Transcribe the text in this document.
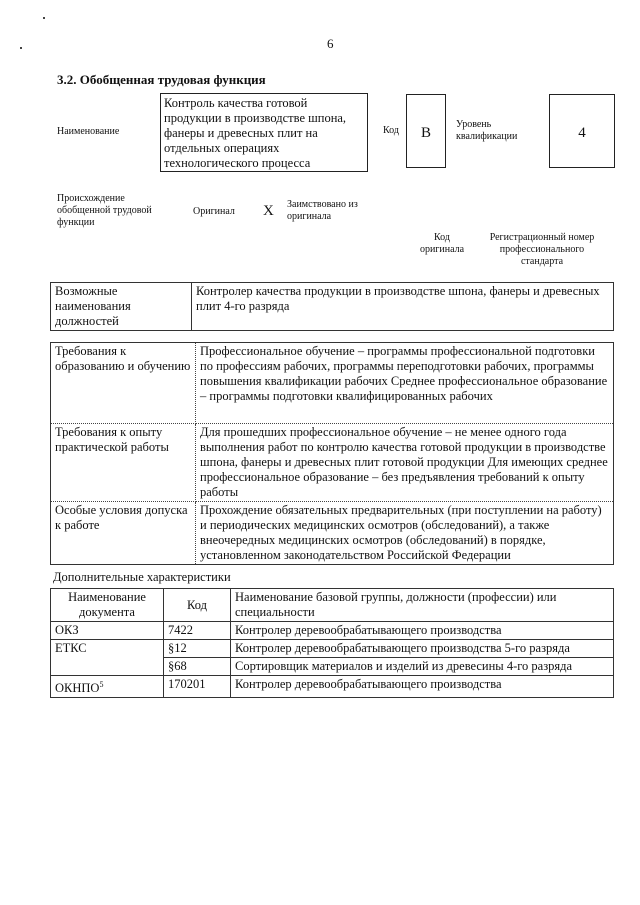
6
3.2. Обобщенная трудовая функция
Наименование
Контроль качества готовой продукции в производстве шпона, фанеры и древесных плит на отдельных операциях технологического процесса
Код	B
Уровень квалификации	4
Происхождение обобщенной трудовой функции
Оригинал X Заимствовано из оригинала
Код оригинала
Регистрационный номер профессионального стандарта
Возможные наименования должностей	Контролер качества продукции в производстве шпона, фанеры и древесных плит 4-го разряда
Требования к образованию и обучению	Профессиональное обучение – программы профессиональной подготовки по профессиям рабочих, программы переподготовки рабочих, программы повышения квалификации рабочих Среднее профессиональное образование – программы подготовки квалифицированных рабочих
Требования к опыту практической работы	Для прошедших профессиональное обучение – не менее одного года выполнения работ по контролю качества готовой продукции в производстве шпона, фанеры и древесных плит готовой продукции Для имеющих среднее профессиональное образование – без предъявления требований к опыту работы
Особые условия допуска к работе	Прохождение обязательных предварительных (при поступлении на работу) и периодических медицинских осмотров (обследований), а также внеочередных медицинских осмотров (обследований) в порядке, установленном законодательством Российской Федерации
Дополнительные характеристики
Наименование документа	Код	Наименование базовой группы, должности (профессии) или специальности
ОКЗ	7422	Контролер деревообрабатывающего производства
ЕТКС	§12	Контролер деревообрабатывающего производства 5-го разряда
	§68	Сортировщик материалов и изделий из древесины 4-го разряда
ОКНПО$^5$	170201	Контролер деревообрабатывающего производства
